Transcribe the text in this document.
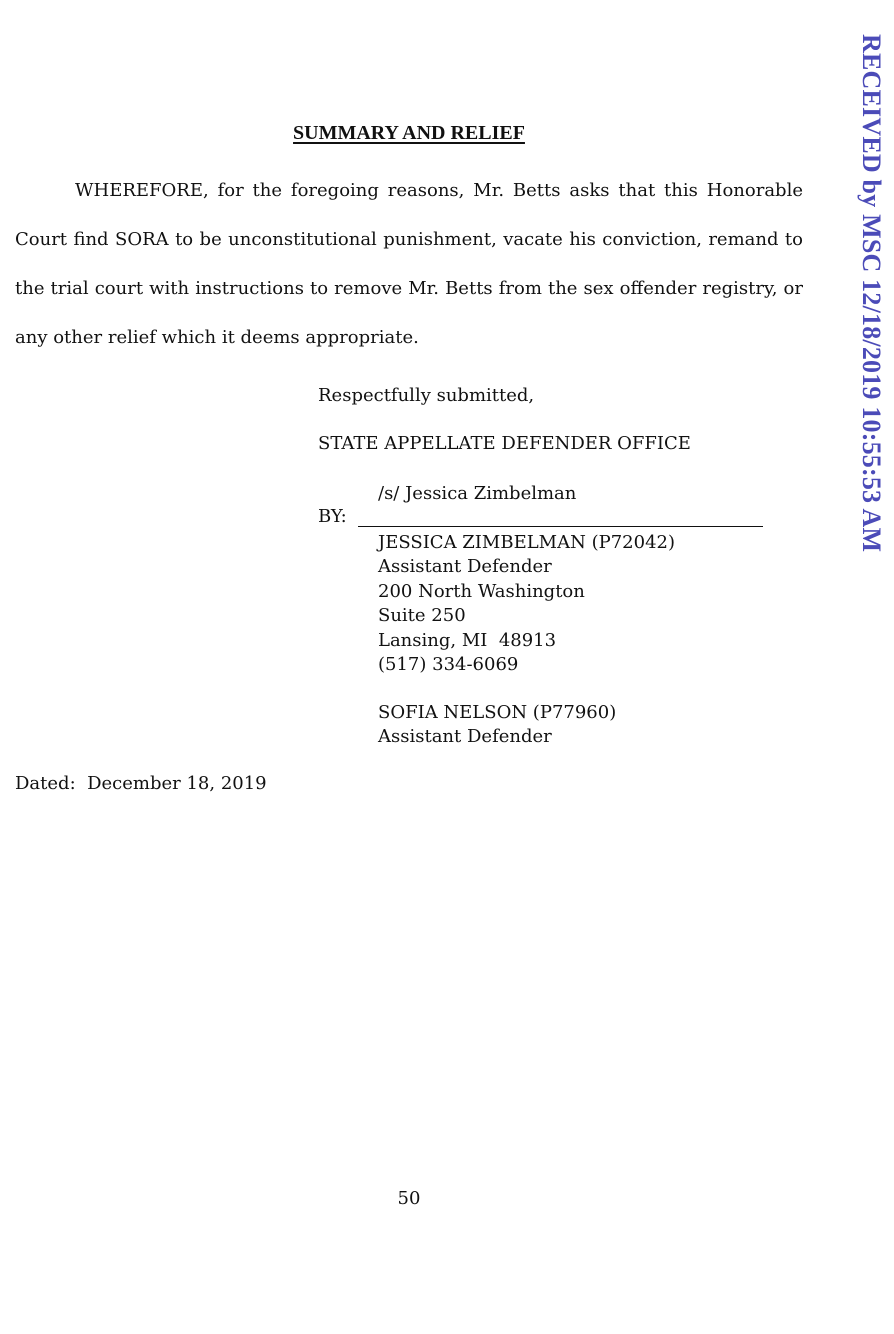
SUMMARY AND RELIEF

WHEREFORE, for the foregoing reasons, Mr. Betts asks that this Honorable Court find SORA to be unconstitutional punishment, vacate his conviction, remand to the trial court with instructions to remove Mr. Betts from the sex offender registry, or any other relief which it deems appropriate.

Respectfully submitted,
STATE APPELLATE DEFENDER OFFICE
/s/ Jessica Zimbelman
BY:
JESSICA ZIMBELMAN (P72042)
Assistant Defender
200 North Washington
Suite 250
Lansing, MI  48913
(517) 334-6069
SOFIA NELSON (P77960)
Assistant Defender
Dated:  December 18, 2019
50
RECEIVED by MSC 12/18/2019 10:55:53 AM
